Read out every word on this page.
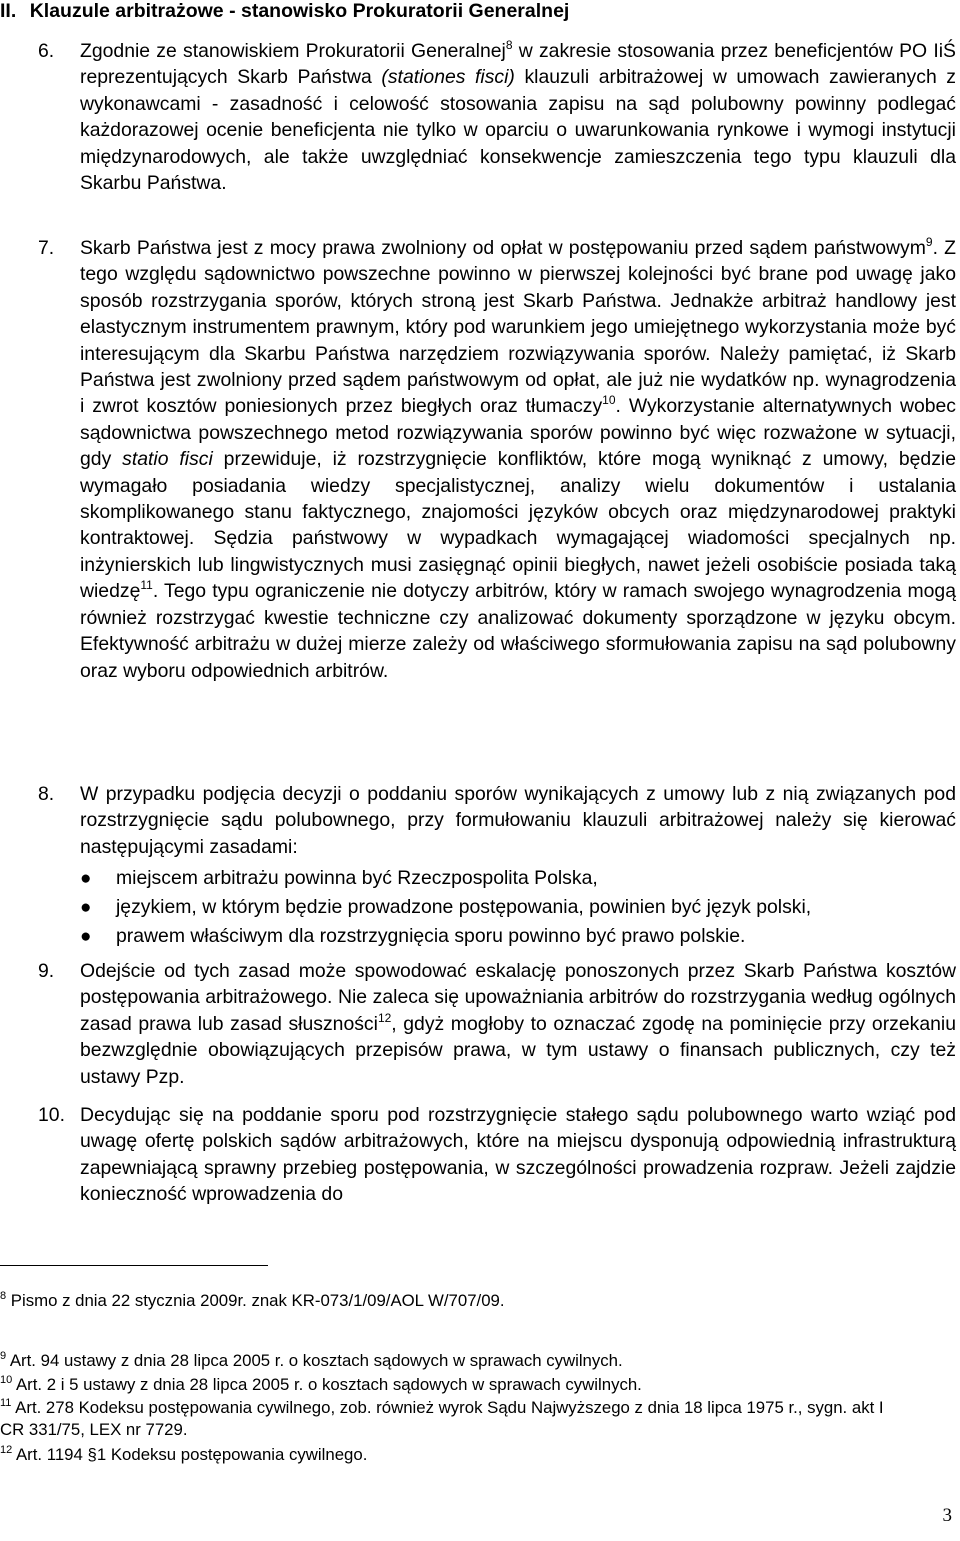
II. Klauzule arbitrażowe - stanowisko Prokuratorii Generalnej

6. Zgodnie ze stanowiskiem Prokuratorii Generalnej$^8$ w zakresie stosowania przez beneficjentów PO IiŚ reprezentujących Skarb Państwa (stationes fisci) klauzuli arbitrażowej w umowach zawieranych z wykonawcami - zasadność i celowość stosowania zapisu na sąd polubowny powinny podlegać każdorazowej ocenie beneficjenta nie tylko w oparciu o uwarunkowania rynkowe i wymogi instytucji międzynarodowych, ale także uwzględniać konsekwencje zamieszczenia tego typu klauzuli dla Skarbu Państwa.

7. Skarb Państwa jest z mocy prawa zwolniony od opłat w postępowaniu przed sądem państwowym$^9$. Z tego względu sądownictwo powszechne powinno w pierwszej kolejności być brane pod uwagę jako sposób rozstrzygania sporów, których stroną jest Skarb Państwa. Jednakże arbitraż handlowy jest elastycznym instrumentem prawnym, który pod warunkiem jego umiejętnego wykorzystania może być interesującym dla Skarbu Państwa narzędziem rozwiązywania sporów. Należy pamiętać, iż Skarb Państwa jest zwolniony przed sądem państwowym od opłat, ale już nie wydatków np. wynagrodzenia i zwrot kosztów poniesionych przez biegłych oraz tłumaczy$^{10}$. Wykorzystanie alternatywnych wobec sądownictwa powszechnego metod rozwiązywania sporów powinno być więc rozważone w sytuacji, gdy statio fisci przewiduje, iż rozstrzygnięcie konfliktów, które mogą wyniknąć z umowy, będzie wymagało posiadania wiedzy specjalistycznej, analizy wielu dokumentów i ustalania skomplikowanego stanu faktycznego, znajomości języków obcych oraz międzynarodowej praktyki kontraktowej. Sędzia państwowy w wypadkach wymagającej wiadomości specjalnych np. inżynierskich lub lingwistycznych musi zasięgnąć opinii biegłych, nawet jeżeli osobiście posiada taką wiedzę$^{11}$. Tego typu ograniczenie nie dotyczy arbitrów, który w ramach swojego wynagrodzenia mogą również rozstrzygać kwestie techniczne czy analizować dokumenty sporządzone w języku obcym. Efektywność arbitrażu w dużej mierze zależy od właściwego sformułowania zapisu na sąd polubowny oraz wyboru odpowiednich arbitrów.

8. W przypadku podjęcia decyzji o poddaniu sporów wynikających z umowy lub z nią związanych pod rozstrzygnięcie sądu polubownego, przy formułowaniu klauzuli arbitrażowej należy się kierować następującymi zasadami:
● miejscem arbitrażu powinna być Rzeczpospolita Polska,
● językiem, w którym będzie prowadzone postępowania, powinien być język polski,
● prawem właściwym dla rozstrzygnięcia sporu powinno być prawo polskie.

9. Odejście od tych zasad może spowodować eskalację ponoszonych przez Skarb Państwa kosztów postępowania arbitrażowego. Nie zaleca się upoważniania arbitrów do rozstrzygania według ogólnych zasad prawa lub zasad słuszności$^{12}$, gdyż mogłoby to oznaczać zgodę na pominięcie przy orzekaniu bezwzględnie obowiązujących przepisów prawa, w tym ustawy o finansach publicznych, czy też ustawy Pzp.

10. Decydując się na poddanie sporu pod rozstrzygnięcie stałego sądu polubownego warto wziąć pod uwagę ofertę polskich sądów arbitrażowych, które na miejscu dysponują odpowiednią infrastrukturą zapewniającą sprawny przebieg postępowania, w szczególności prowadzenia rozpraw. Jeżeli zajdzie konieczność wprowadzenia do

$^8$ Pismo z dnia 22 stycznia 2009r. znak KR-073/1/09/AOL W/707/09.
$^9$ Art. 94 ustawy z dnia 28 lipca 2005 r. o kosztach sądowych w sprawach cywilnych.
$^{10}$ Art. 2 i 5 ustawy z dnia 28 lipca 2005 r. o kosztach sądowych w sprawach cywilnych.
$^{11}$ Art. 278 Kodeksu postępowania cywilnego, zob. również wyrok Sądu Najwyższego z dnia 18 lipca 1975 r., sygn. akt I CR 331/75, LEX nr 7729.
$^{12}$ Art. 1194 §1 Kodeksu postępowania cywilnego.
3
